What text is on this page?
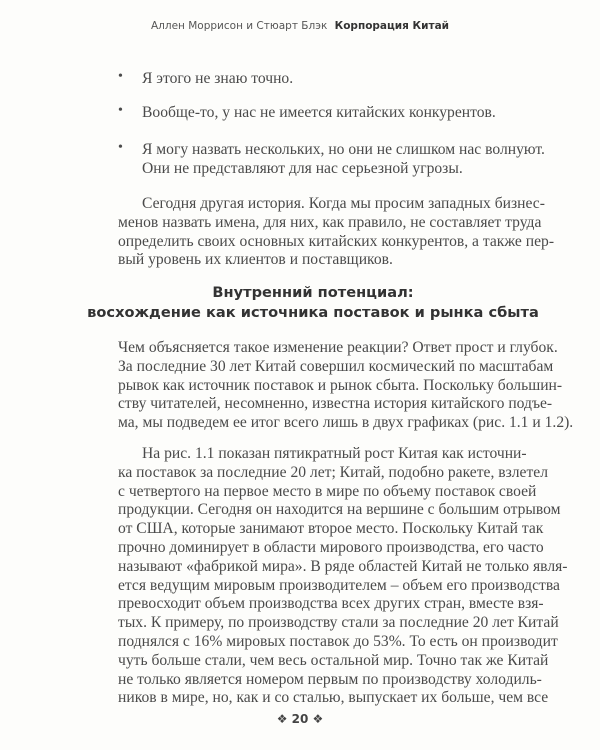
Аллен Моррисон и Стюарт Блэк Корпорация Китай
• Я этого не знаю точно.
• Вообще-то, у нас не имеется китайских конкурентов.
• Я могу назвать нескольких, но они не слишком нас волнуют.
Они не представляют для нас серьезной угрозы.
Сегодня другая история. Когда мы просим западных бизнес-
менов назвать имена, для них, как правило, не составляет труда
определить своих основных китайских конкурентов, а также пер-
вый уровень их клиентов и поставщиков.
Внутренний потенциал:
восхождение как источника поставок и рынка сбыта
Чем объясняется такое изменение реакции? Ответ прост и глубок.
За последние 30 лет Китай совершил космический по масштабам
рывок как источник поставок и рынок сбыта. Поскольку большин-
ству читателей, несомненно, известна история китайского подъе-
ма, мы подведем ее итог всего лишь в двух графиках (рис. 1.1 и 1.2).
На рис. 1.1 показан пятикратный рост Китая как источни-
ка поставок за последние 20 лет; Китай, подобно ракете, взлетел
с четвертого на первое место в мире по объему поставок своей
продукции. Сегодня он находится на вершине с большим отрывом
от США, которые занимают второе место. Поскольку Китай так
прочно доминирует в области мирового производства, его часто
называют «фабрикой мира». В ряде областей Китай не только явля-
ется ведущим мировым производителем – объем его производства
превосходит объем производства всех других стран, вместе взя-
тых. К примеру, по производству стали за последние 20 лет Китай
поднялся с 16% мировых поставок до 53%. То есть он производит
чуть больше стали, чем весь остальной мир. Точно так же Китай
не только является номером первым по производству холодиль-
ников в мире, но, как и со сталью, выпускает их больше, чем все
❖ 20 ❖
